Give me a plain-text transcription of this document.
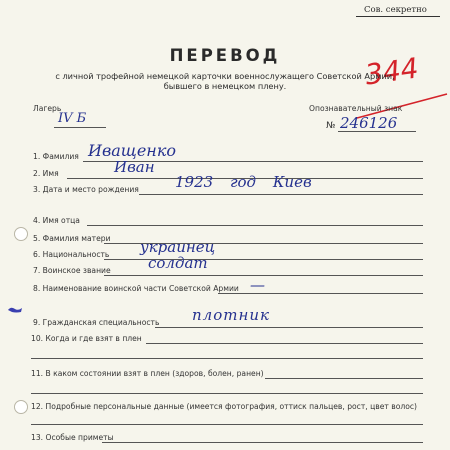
Сов. секретно
344
ПЕРЕВОД
с личной трофейной немецкой карточки военнослужащего Советской Армии,
бывшего в немецком плену.
Лагерь
IV Б
Опознавательный знак
№ 246126
1. Фамилия Иващенко
2. Имя	Иван
3. Дата и место рождения 1923 год Киев
4. Имя отца
5. Фамилия матери
6. Национальность украинец
7. Воинское звание солдат
8. Наименование воинской части Советской Армии —
9. Гражданская специальность плотник
10. Когда и где взят в плен
11. В каком состоянии взят в плен (здоров, болен, ранен)
12. Подробные персональные данные (имеется фотография, оттиск пальцев, рост, цвет волос)
13. Особые приметы
